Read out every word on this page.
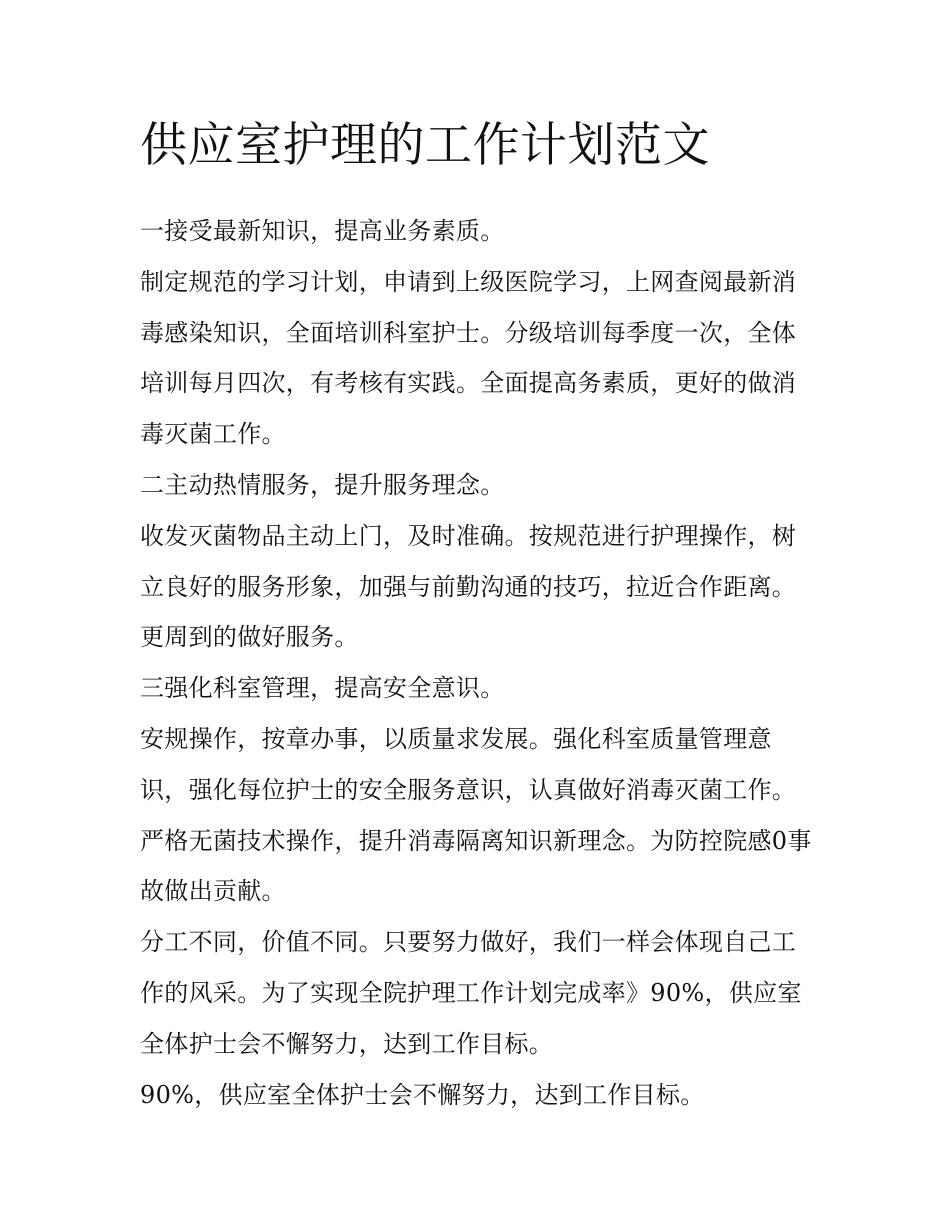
供应室护理的工作计划范文

一接受最新知识，提高业务素质。

制定规范的学习计划，申请到上级医院学习，上网查阅最新消毒感染知识，全面培训科室护士。分级培训每季度一次，全体培训每月四次，有考核有实践。全面提高务素质，更好的做消毒灭菌工作。

二主动热情服务，提升服务理念。

收发灭菌物品主动上门，及时准确。按规范进行护理操作，树立良好的服务形象，加强与前勤沟通的技巧，拉近合作距离。更周到的做好服务。

三强化科室管理，提高安全意识。

安规操作，按章办事，以质量求发展。强化科室质量管理意识，强化每位护士的安全服务意识，认真做好消毒灭菌工作。严格无菌技术操作，提升消毒隔离知识新理念。为防控院感0事故做出贡献。

分工不同，价值不同。只要努力做好，我们一样会体现自己工作的风采。为了实现全院护理工作计划完成率》90%，供应室全体护士会不懈努力，达到工作目标。

90%，供应室全体护士会不懈努力，达到工作目标。
